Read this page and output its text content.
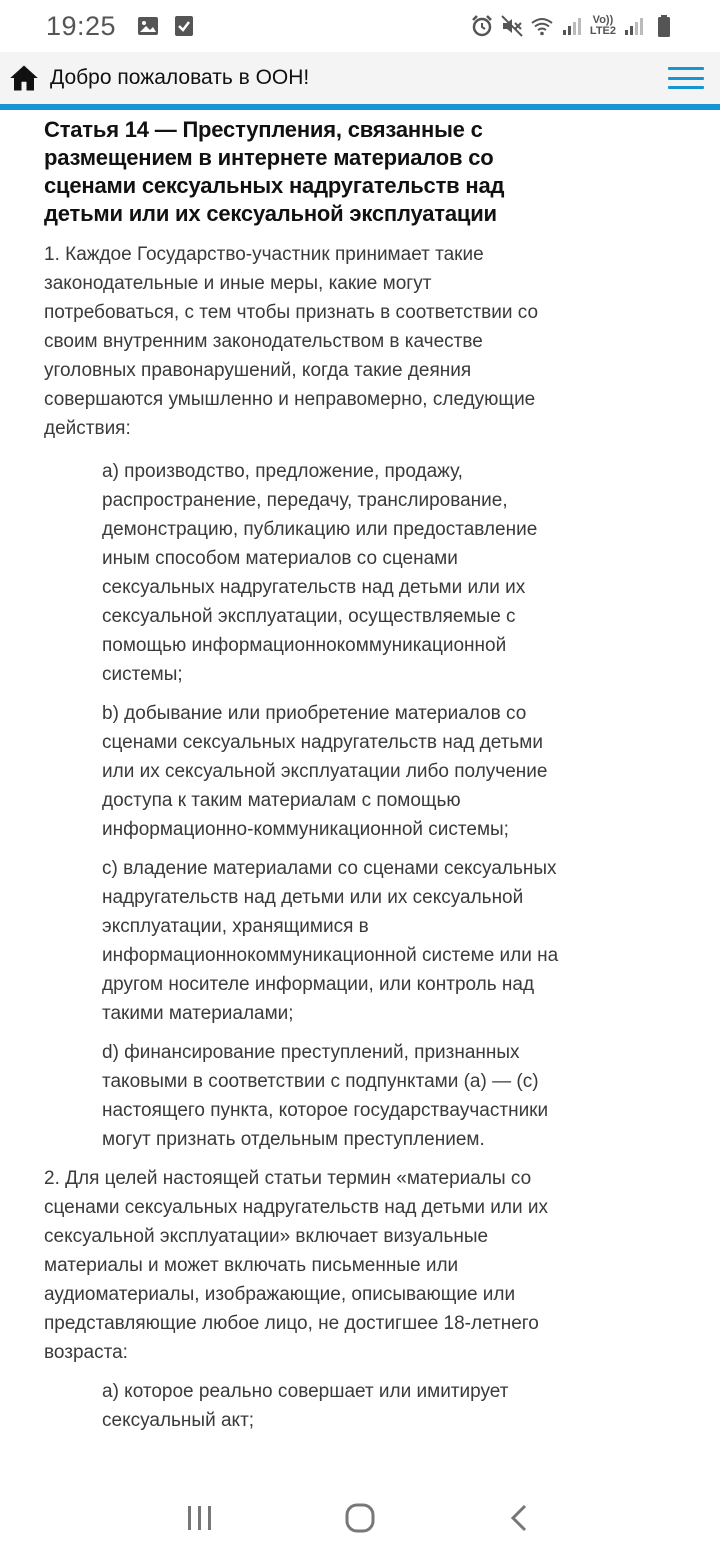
19:25	Vo))
LTE2
Добро пожаловать в ООН!
Статья 14 — Преступления, связанные с размещением в интернете материалов со сценами сексуальных надругательств над детьми или их сексуальной эксплуатации

1. Каждое Государство-участник принимает такие законодательные и иные меры, какие могут потребоваться, с тем чтобы признать в соответствии со своим внутренним законодательством в качестве уголовных правонарушений, когда такие деяния совершаются умышленно и неправомерно, следующие действия:

a) производство, предложение, продажу, распространение, передачу, транслирование, демонстрацию, публикацию или предоставление иным способом материалов со сценами сексуальных надругательств над детьми или их сексуальной эксплуатации, осуществляемые с помощью информационнокоммуникационной системы;

b) добывание или приобретение материалов со сценами сексуальных надругательств над детьми или их сексуальной эксплуатации либо получение доступа к таким материалам с помощью информационно-коммуникационной системы;

c) владение материалами со сценами сексуальных надругательств над детьми или их сексуальной эксплуатации, хранящимися в информационнокоммуникационной системе или на другом носителе информации, или контроль над такими материалами;

d) финансирование преступлений, признанных таковыми в соответствии с подпунктами (а) — (с) настоящего пункта, которое государствaучастники могут признать отдельным преступлением.

2. Для целей настоящей статьи термин «материалы со сценами сексуальных надругательств над детьми или их сексуальной эксплуатации» включает визуальные материалы и может включать письменные или аудиоматериалы, изображающие, описывающие или представляющие любое лицо, не достигшее 18-летнего возраста:

a) которое реально совершает или имитирует сексуальный акт;
